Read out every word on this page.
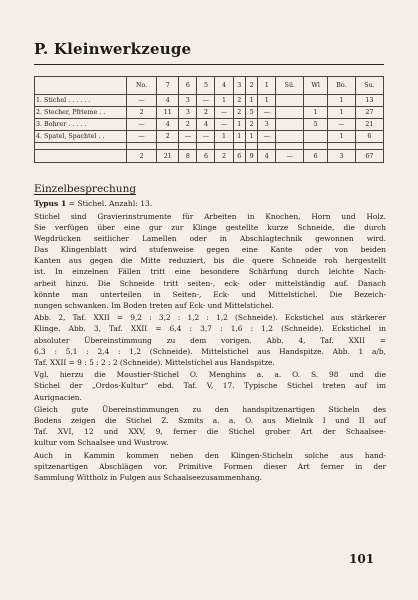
P. Kleinwerkzeuge
	No.	7	6	5	4	3	2	1	Sü.	Wl	Bo.	Su.
1. Stichel . . . . . .	—	4	3	—	1	2	1	1			1	13
2. Stecher, Pfrieme . .	2	11	3	2	—	2	5	—		1	1	27
3. Bohrer . . . . .	—	4	2	4	—	1	2	3		5	—	21
4. Spatel, Spachtel . .	—	2	—	—	1	1	1	—			1	6

	2	21	8	6	2	6	9	4	—	6	3	67
Einzelbesprechung
Typus 1 = Stichel. Anzahl: 13.

Stichel sind Gravierinstrumente für Arbeiten in Knochen, Horn und Holz.
Sie verfügen über eine gur zur Klinge gestellte kurze Schneide, die durch
Wegdrücken seitlicher Lamellen oder in Abschlagtechnik gewonnen wird.
Das Klingenblatt wird stufenweise gegen eine Kante oder von beiden
Kanten aus gegen die Mitte reduziert, bis die quere Schneide roh hergestellt
ist. In einzelnen Fällen tritt eine besondere Schärfung durch leichte Nach-
arbeit hinzu. Die Schneide tritt seiten-, eck- oder mittelständig auf. Danach
könnte man unterteilen in Seiten-, Eck- und Mittelstichel. Die Bezeich-
nungen schwanken. Im Boden treten auf Eck- und Mittelstichel.

Abb. 2, Taf. XXII = 9,2 : 3,2 : 1,2 : 1,2 (Schneide). Eckstichel aus stärkerer
Klinge. Abb. 3, Taf. XXII = 6,4 : 3,7 : 1,6 : 1,2 (Schneide). Eckstichel in
absoluter Übereinstimmung zu dem vorigen. Abb. 4, Taf. XXII =
6,3 : 5,1 : 2,4 : 1,2 (Schneide). Mittelstichel aus Handspitze. Abb. 1 a/b,
Taf. XXII = 9 : 5 : 2 : 2 (Schneide). Mittelstichel aus Handspitze.

Vgl. hierzu die Moustier-Stichel O. Menghins a. a. O. S. 98 und die
Stichel der „Ordos-Kultur“ ebd. Taf. V, 17. Typische Stichel treten auf im
Aurignacien.

Gleich gute Übereinstimmungen zu den handspitzenartigen Sticheln des
Bodens zeigen die Stichel Z. Szmits a. a. O. aus Mielnik I und II auf
Taf. XVI, 12 und XXV, 9, ferner die Stichel grober Art der Schaalsee-
kultur vom Schaalsee und Wustrow.

Auch in Kammin kommen neben den Klingen-Sticheln solche aus hand-
spitzenartigen Abschlägen vor. Primitive Formen dieser Art ferner in der
Sammlung Wittholz in Fulgen aus Schaalseezusammenhang.

101
